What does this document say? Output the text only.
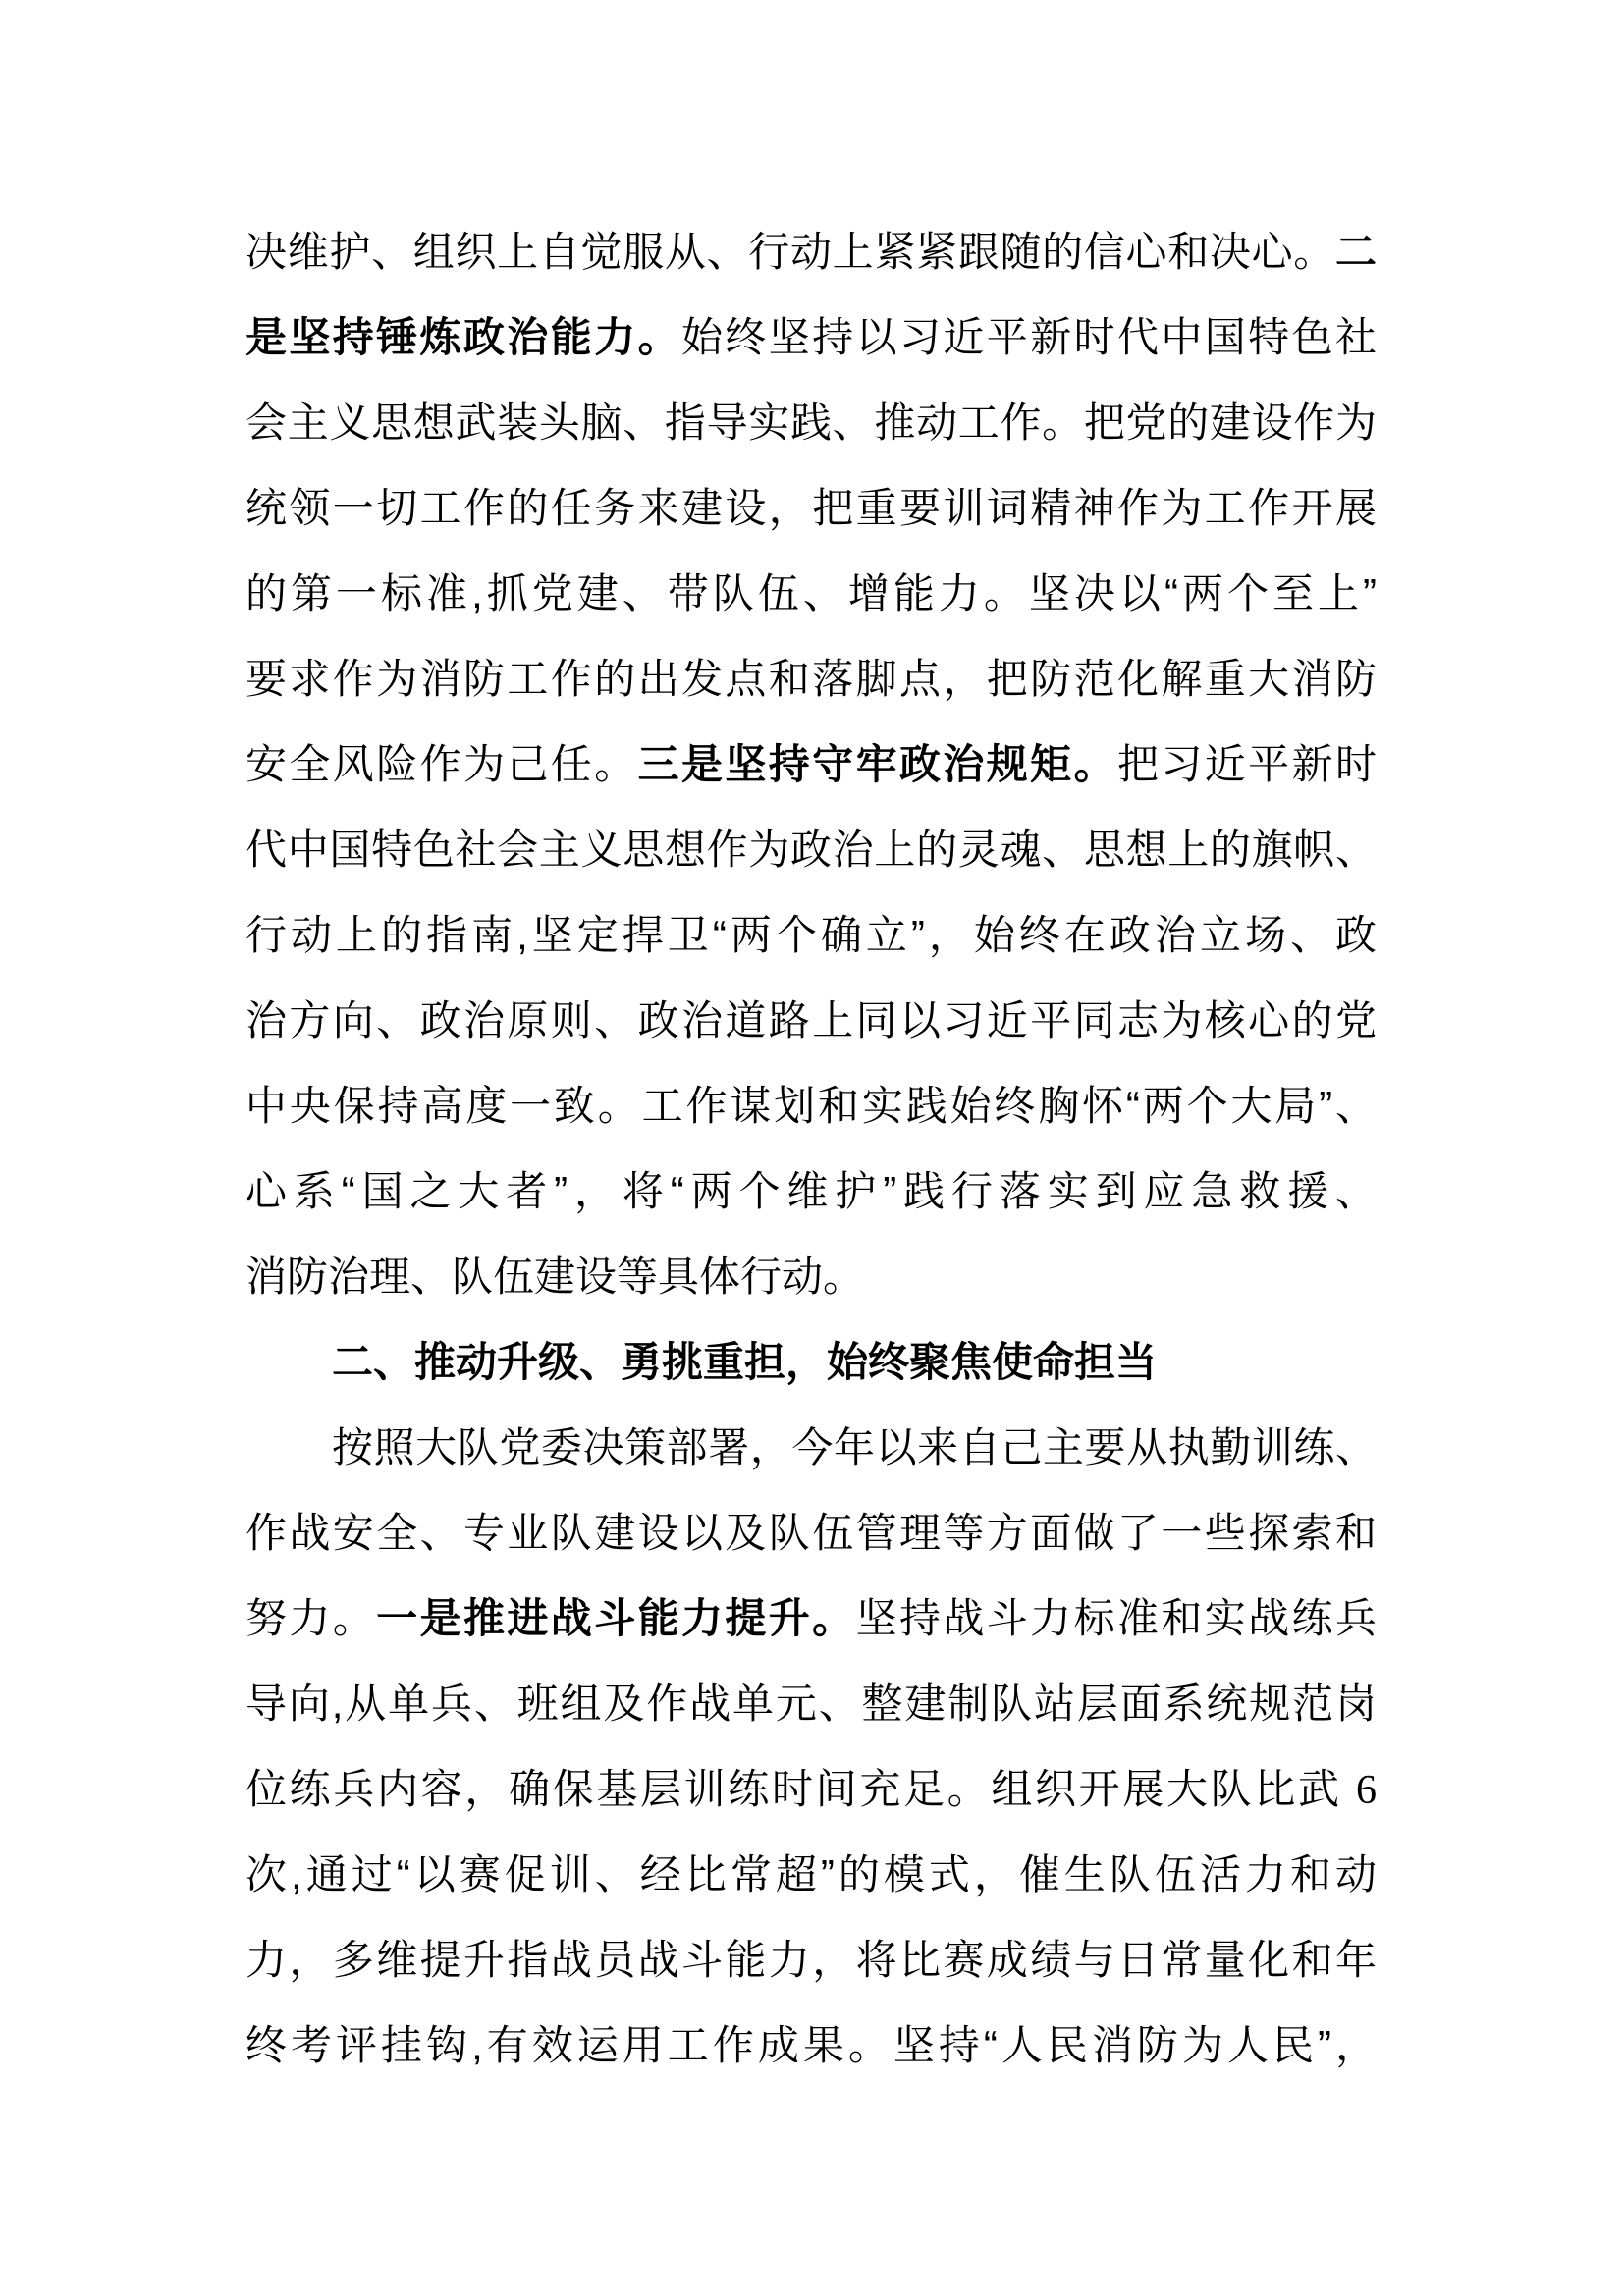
决维护、组织上自觉服从、行动上紧紧跟随的信心和决心。二
是坚持锤炼政治能力。始终坚持以习近平新时代中国特色社
会主义思想武装头脑、指导实践、推动工作。把党的建设作为
统领一切工作的任务来建设，把重要训词精神作为工作开展
的第一标准,抓党建、带队伍、增能力。坚决以“两个至上”
要求作为消防工作的出发点和落脚点，把防范化解重大消防
安全风险作为己任。三是坚持守牢政治规矩。把习近平新时
代中国特色社会主义思想作为政治上的灵魂、思想上的旗帜、
行动上的指南,坚定捍卫“两个确立”，始终在政治立场、政
治方向、政治原则、政治道路上同以习近平同志为核心的党
中央保持高度一致。工作谋划和实践始终胸怀“两个大局”、
心系“国之大者”，将“两个维护”践行落实到应急救援、
消防治理、队伍建设等具体行动。
二、推动升级、勇挑重担，始终聚焦使命担当
按照大队党委决策部署，今年以来自己主要从执勤训练、
作战安全、专业队建设以及队伍管理等方面做了一些探索和
努力。一是推进战斗能力提升。坚持战斗力标准和实战练兵
导向,从单兵、班组及作战单元、整建制队站层面系统规范岗
位练兵内容，确保基层训练时间充足。组织开展大队比武 6
次,通过“以赛促训、经比常超”的模式，催生队伍活力和动
力，多维提升指战员战斗能力，将比赛成绩与日常量化和年
终考评挂钩,有效运用工作成果。坚持“人民消防为人民”，
